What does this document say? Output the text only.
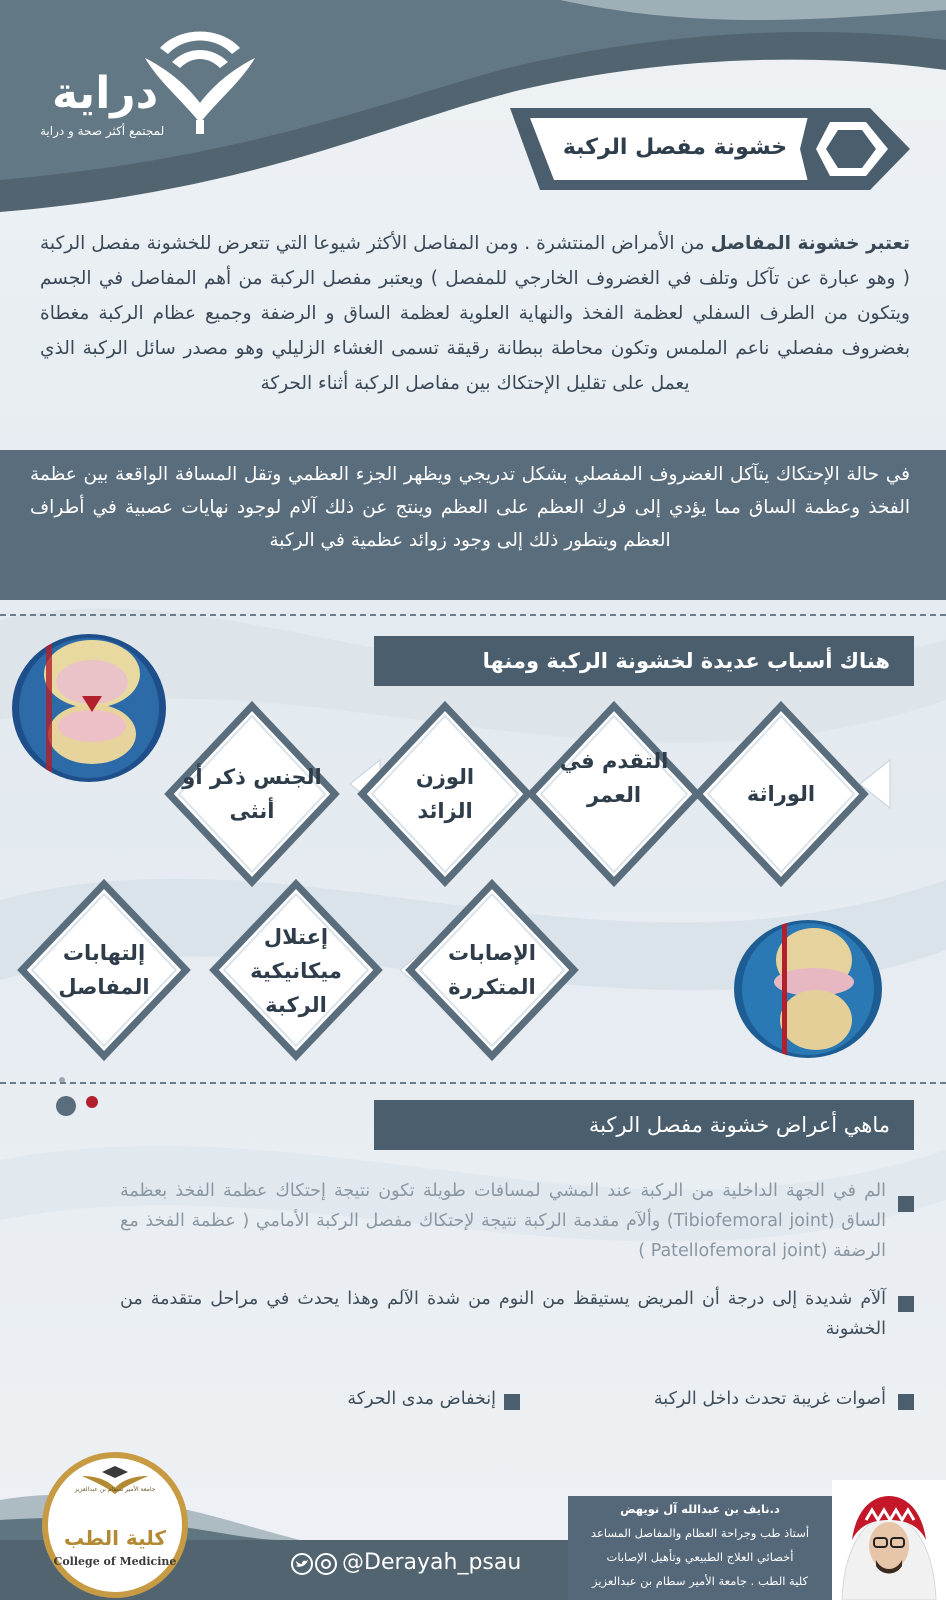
دراية
لمجتمع أكثر صحة و دراية
خشونة مفصل الركبة

تعتبر خشونة المفاصل من الأمراض المنتشرة . ومن المفاصل الأكثر شيوعا التي تتعرض للخشونة مفصل الركبة ( وهو عبارة عن تآكل وتلف في الغضروف الخارجي للمفصل ) ويعتبر مفصل الركبة من أهم المفاصل في الجسم ويتكون من الطرف السفلي لعظمة الفخذ والنهاية العلوية لعظمة الساق و الرضفة وجميع عظام الركبة مغطاة بغضروف مفصلي ناعم الملمس وتكون محاطة ببطانة رقيقة تسمى الغشاء الزليلي وهو مصدر سائل الركبة الذي يعمل على تقليل الإحتكاك بين مفاصل الركبة أثناء الحركة

في حالة الإحتكاك يتآكل الغضروف المفصلي بشكل تدريجي ويظهر الجزء العظمي وتقل المسافة الواقعة بين عظمة الفخذ وعظمة الساق مما يؤدي إلى فرك العظم على العظم وينتج عن ذلك آلام لوجود نهايات عصبية في أطراف العظم ويتطور ذلك إلى وجود زوائد عظمية في الركبة

هناك أسباب عديدة لخشونة الركبة ومنها
الوراثة
التقدم في العمر
الوزن الزائد
الجنس ذكر أو أنثى
الإصابات المتكررة
إعتلال ميكانيكية الركبة
إلتهابات المفاصل
ماهي أعراض خشونة مفصل الركبة

الم في الجهة الداخلية من الركبة عند المشي لمسافات طويلة تكون نتيجة إحتكاك عظمة الفخذ بعظمة الساق (Tibiofemoral joint) وألآم مقدمة الركبة نتيجة لإحتكاك مفصل الركبة الأمامي ( عظمة الفخذ مع الرضفة (Patellofemoral joint )

آلآم شديدة إلى درجة أن المريض يستيقظ من النوم من شدة الآلم وهذا يحدث في مراحل متقدمة من الخشونة

أصوات غريبة تحدث داخل الركبة

إنخفاض مدى الحركة

جامعة الأمير سطام بن عبدالعزيز
كلية الطب
College of Medicine	@Derayah_psau
د.نايف بن عبدالله آل نويهض
أستاذ طب وجراحة العظام والمفاصل المساعد
أخصائي العلاج الطبيعي وتأهيل الإصابات
كلية الطب . جامعة الأمير سطام بن عبدالعزيز
